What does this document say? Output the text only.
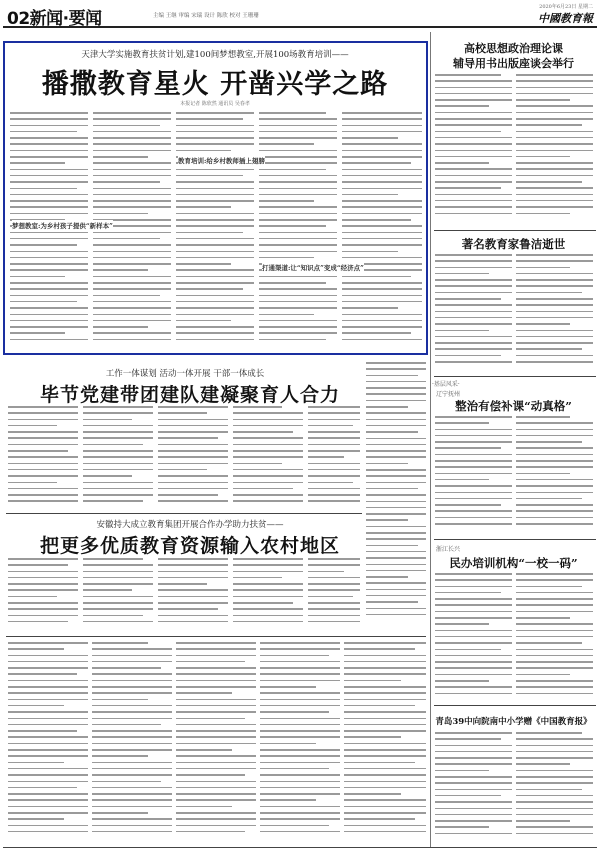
02新闻·要闻	主编 王继 审编 宋瑞 设计 陈欣 校对 王珊珊
2020年6月23日 星期二
中國教育報
天津大学实施教育扶贫计划,建100间梦想教室,开展100场教育培训——
播撒教育星火 开凿兴学之路
本报记者 陈欣然 通讯员 吴春孝
梦想教室:为乡村孩子提供“新样本”
教育培训:给乡村教师插上翅膀
打通渠道:让“知识点”变成“经济点”
工作一体谋划 活动一体开展 干部一体成长
毕节党建带团建队建凝聚育人合力
安徽持大成立教育集团开展合作办学助力扶贫——
把更多优质教育资源输入农村地区
高校思想政治理论课
辅导用书出版座谈会举行
著名教育家鲁洁逝世
·基层风采·
辽宁抚州
整治有偿补课“动真格”
浙江长兴
民办培训机构“一校一码”
青岛39中向院南中小学赠《中国教育报》
